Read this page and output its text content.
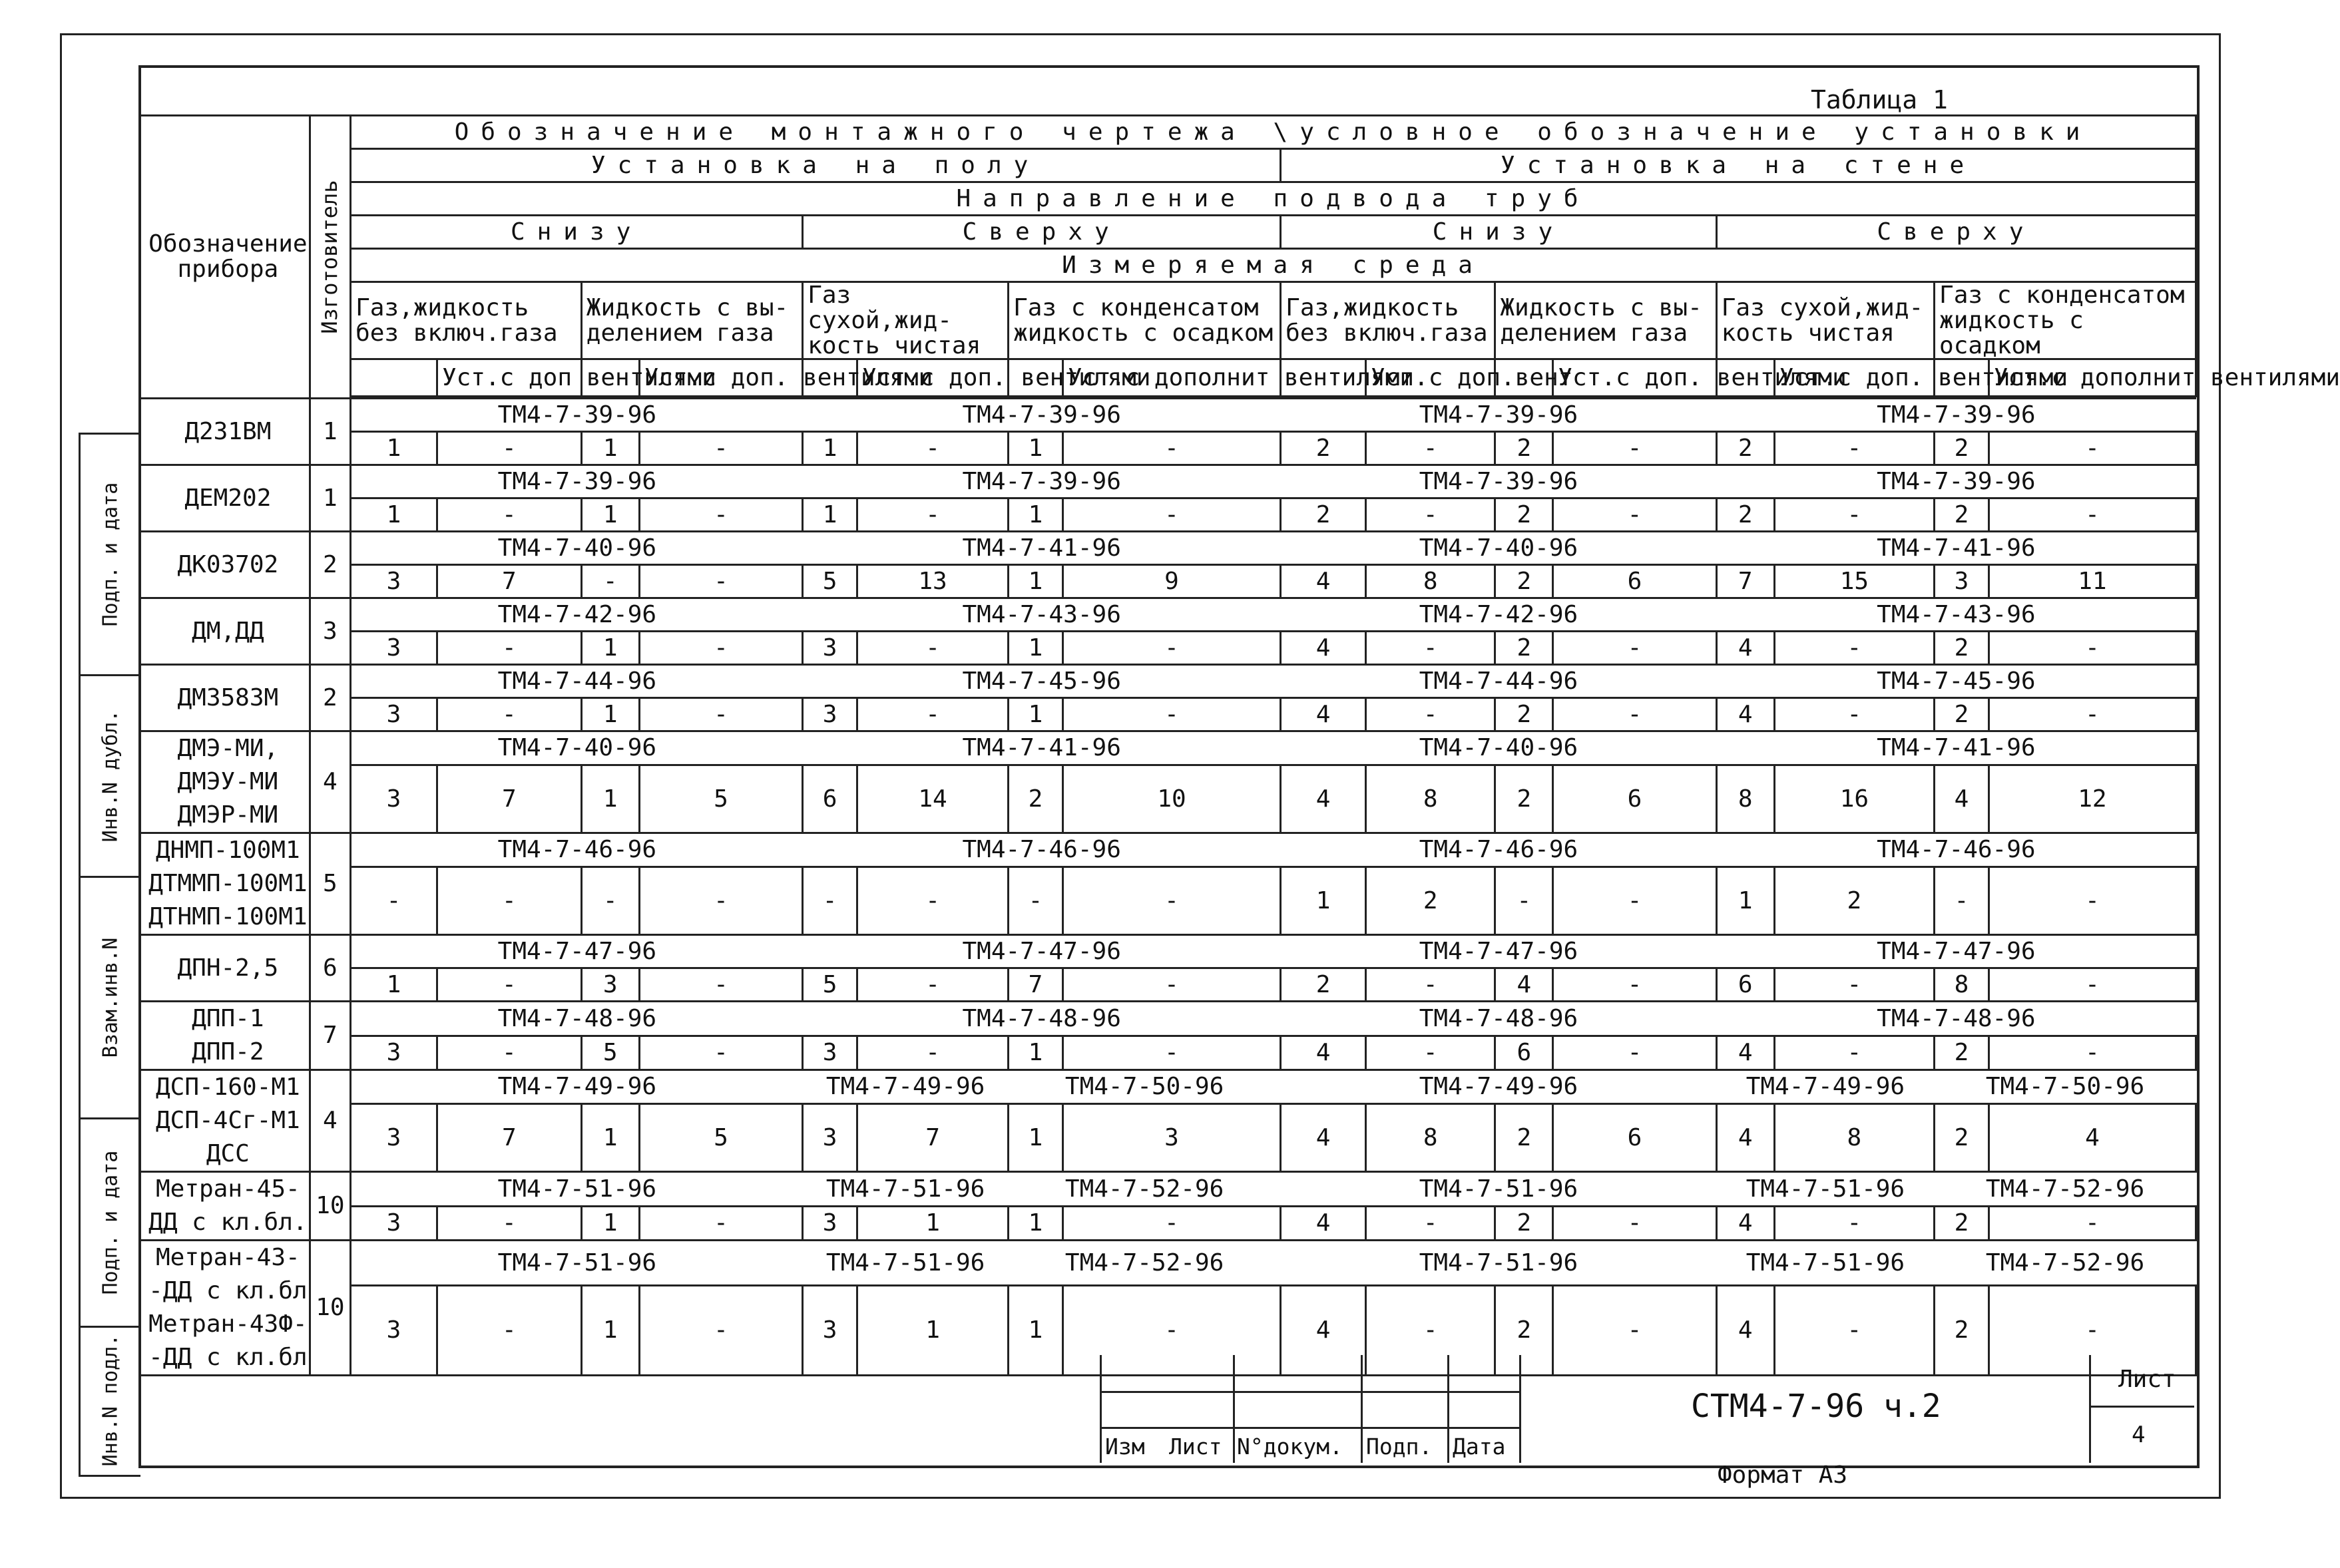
Подп. и дата
Инв.N дубл.
Взам.инв.N
Подп. и дата
Инв.N подл.
Таблица 1
Обозначение прибора	Изготовитель	Обозначение монтажного чертежа \условное обозначение установки															
		Установка на полу								Установка на стене							
		Направление подвода труб															
		Снизу				Сверху				Снизу				Сверху			
		Измеряемая среда															
		Газ,жидкость без включ.газа		Жидкость с вы- делением газа		Газ сухой,жид- кость чистая		Газ с конденсатом жидкость с осадком		Газ,жидкость без включ.газа		Жидкость с вы- делением газа		Газ сухой,жид- кость чистая		Газ с конденсатом жидкость с осадком	

			Уст.с доп вентилями		Уст.с доп. вентилями		Уст.с доп. вентилями		Уст.с дополнит вентилями		Уст.с доп.вент		Уст.с доп. вентилями		Уст.с доп. вентилями		Уст.с дополнит вентилями

Д231ВМ	1	ТМ4-7-39-96				ТМ4-7-39-96				ТМ4-7-39-96				ТМ4-7-39-96			
		1	-	1	-	1	-	1	-	2	-	2	-	2	-	2	-

ДЕМ202	1	ТМ4-7-39-96				ТМ4-7-39-96				ТМ4-7-39-96				ТМ4-7-39-96			
		1	-	1	-	1	-	1	-	2	-	2	-	2	-	2	-

ДК03702	2	ТМ4-7-40-96				ТМ4-7-41-96				ТМ4-7-40-96				ТМ4-7-41-96			
		3	7	-	-	5	13	1	9	4	8	2	6	7	15	3	11

ДМ,ДД	3	ТМ4-7-42-96				ТМ4-7-43-96				ТМ4-7-42-96				ТМ4-7-43-96			
		3	-	1	-	3	-	1	-	4	-	2	-	4	-	2	-

ДМ3583М	2	ТМ4-7-44-96				ТМ4-7-45-96				ТМ4-7-44-96				ТМ4-7-45-96			
		3	-	1	-	3	-	1	-	4	-	2	-	4	-	2	-

ДМЭ-МИ,
ДМЭУ-МИ
ДМЭР-МИ	4	ТМ4-7-40-96				ТМ4-7-41-96				ТМ4-7-40-96				ТМ4-7-41-96			
		3	7	1	5	6	14	2	10	4	8	2	6	8	16	4	12

ДНМП-100М1
ДТММП-100М1
ДТНМП-100М1	5	ТМ4-7-46-96				ТМ4-7-46-96				ТМ4-7-46-96				ТМ4-7-46-96			
		-	-	-	-	-	-	-	-	1	2	-	-	1	2	-	-

ДПН-2,5	6	ТМ4-7-47-96				ТМ4-7-47-96				ТМ4-7-47-96				ТМ4-7-47-96			
		1	-	3	-	5	-	7	-	2	-	4	-	6	-	8	-

ДПП-1
ДПП-2	7	ТМ4-7-48-96				ТМ4-7-48-96				ТМ4-7-48-96				ТМ4-7-48-96			
		3	-	5	-	3	-	1	-	4	-	6	-	4	-	2	-

ДСП-160-М1
ДСП-4Сг-М1
ДСС	4	ТМ4-7-49-96				ТМ4-7-49-96		ТМ4-7-50-96		ТМ4-7-49-96				ТМ4-7-49-96		ТМ4-7-50-96	
		3	7	1	5	3	7	1	3	4	8	2	6	4	8	2	4

Метран-45-
ДД с кл.бл.	10	ТМ4-7-51-96				ТМ4-7-51-96		ТМ4-7-52-96		ТМ4-7-51-96				ТМ4-7-51-96		ТМ4-7-52-96	
		3	-	1	-	3	1	1	-	4	-	2	-	4	-	2	-

Метран-43-
-ДД с кл.бл
Метран-43Ф-
-ДД с кл.бл	10	ТМ4-7-51-96				ТМ4-7-51-96		ТМ4-7-52-96		ТМ4-7-51-96				ТМ4-7-51-96		ТМ4-7-52-96	
		3	-	1	-	3	1	1	-	4	-	2	-	4	-	2	-
Изм Лист N°докум. Подп. Дата
Лист
4
СТМ4-7-96 ч.2
Формат А3
